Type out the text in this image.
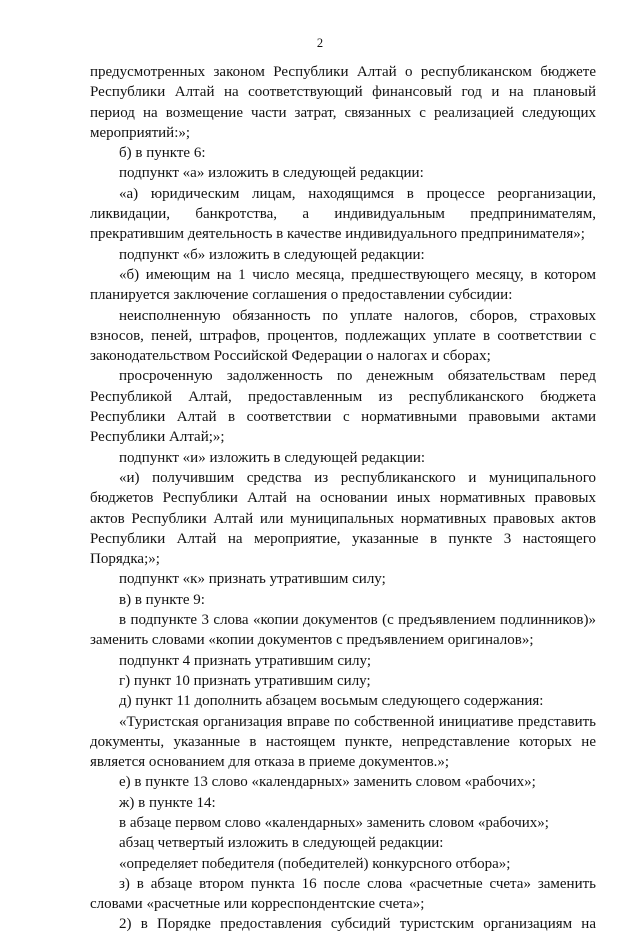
2

предусмотренных законом Республики Алтай о республиканском бюджете Республики Алтай на соответствующий финансовый год и на плановый период на возмещение части затрат, связанных с реализацией следующих мероприятий:»;

б) в пункте 6:

подпункт «а» изложить в следующей редакции:

«а) юридическим лицам, находящимся в процессе реорганизации, ликвидации, банкротства, а индивидуальным предпринимателям, прекратившим деятельность в качестве индивидуального предпринимателя»;

подпункт «б» изложить в следующей редакции:

«б) имеющим на 1 число месяца, предшествующего месяцу, в котором планируется заключение соглашения о предоставлении субсидии:

неисполненную обязанность по уплате налогов, сборов, страховых взносов, пеней, штрафов, процентов, подлежащих уплате в соответствии с законодательством Российской Федерации о налогах и сборах;

просроченную задолженность по денежным обязательствам перед Республикой Алтай, предоставленным из республиканского бюджета Республики Алтай в соответствии с нормативными правовыми актами Республики Алтай;»;

подпункт «и» изложить в следующей редакции:

«и) получившим средства из республиканского и муниципального бюджетов Республики Алтай на основании иных нормативных правовых актов Республики Алтай или муниципальных нормативных правовых актов Республики Алтай на мероприятие, указанные в пункте 3 настоящего Порядка;»;

подпункт «к» признать утратившим силу;

в) в пункте 9:

в подпункте 3 слова «копии документов (с предъявлением подлинников)» заменить словами «копии документов с предъявлением оригиналов»;

подпункт 4 признать утратившим силу;

г) пункт 10 признать утратившим силу;

д) пункт 11 дополнить абзацем восьмым следующего содержания:

«Туристская организация вправе по собственной инициативе представить документы, указанные в настоящем пункте, непредставление которых не является основанием для отказа в приеме документов.»;

е) в пункте 13 слово «календарных» заменить словом «рабочих»;

ж) в пункте 14:

в абзаце первом слово «календарных» заменить словом «рабочих»;

абзац четвертый изложить в следующей редакции:

«определяет победителя (победителей) конкурсного отбора»;

з) в абзаце втором пункта 16 после слова «расчетные счета» заменить словами «расчетные или корреспондентские счета»;

2) в Порядке предоставления субсидий туристским организациям на
